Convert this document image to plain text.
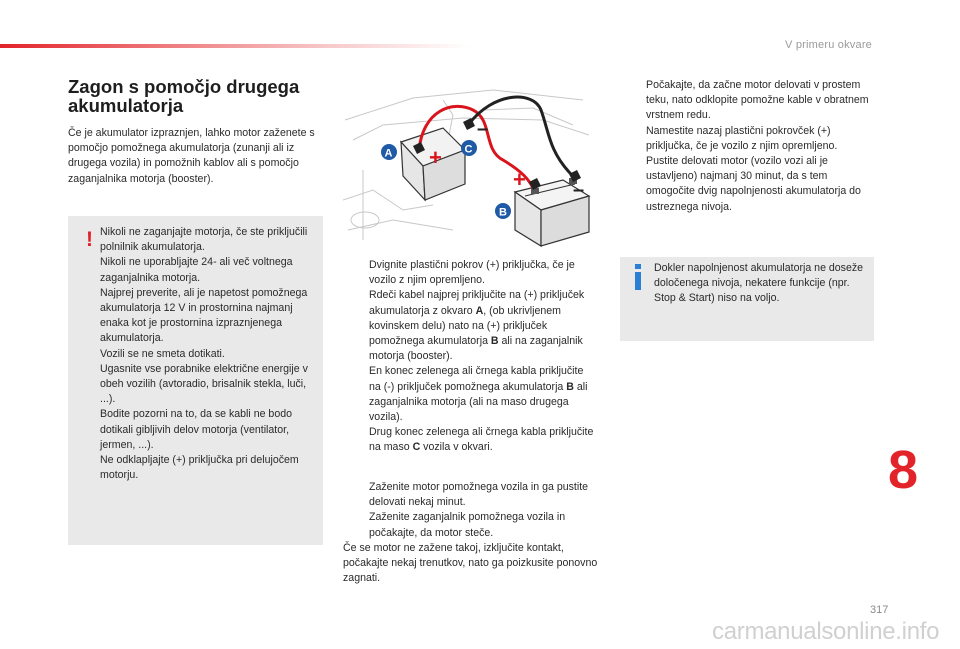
V primeru okvare
Zagon s pomočjo drugega akumulatorja

Če je akumulator izpraznjen, lahko motor zaženete s pomočjo pomožnega akumulatorja (zunanji ali iz drugega vozila) in pomožnih kablov ali s pomočjo zaganjalnika motorja (booster).

! Nikoli ne zaganjajte motorja, če ste priključili polnilnik akumulatorja.
Nikoli ne uporabljajte 24- ali več voltnega zaganjalnika motorja.
Najprej preverite, ali je napetost pomožnega akumulatorja 12 V in prostornina najmanj enaka kot je prostornina izpraznjenega akumulatorja.
Vozili se ne smeta dotikati.
Ugasnite vse porabnike električne energije v obeh vozilih (avtoradio, brisalnik stekla, luči, ...).
Bodite pozorni na to, da se kabli ne bodo dotikali gibljivih delov motorja (ventilator, jermen, ...).
Ne odklapljajte (+) priključka pri delujočem motorju.
+
–
+ –
A	C
B
Dvignite plastični pokrov (+) priključka, če je vozilo z njim opremljeno.
Rdeči kabel najprej priključite na (+) priključek akumulatorja z okvaro A, (ob ukrivljenem kovinskem delu) nato na (+) priključek pomožnega akumulatorja B ali na zaganjalnik motorja (booster).
En konec zelenega ali črnega kabla priključite na (-) priključek pomožnega akumulatorja B ali zaganjalnika motorja (ali na maso drugega vozila).
Drug konec zelenega ali črnega kabla priključite na maso C vozila v okvari.
Zaženite motor pomožnega vozila in ga pustite delovati nekaj minut.
Zaženite zaganjalnik pomožnega vozila in počakajte, da motor steče.
Če se motor ne zažene takoj, izključite kontakt, počakajte nekaj trenutkov, nato ga poizkusite ponovno zagnati.
Počakajte, da začne motor delovati v prostem teku, nato odklopite pomožne kable v obratnem vrstnem redu.
Namestite nazaj plastični pokrovček (+) priključka, če je vozilo z njim opremljeno.
Pustite delovati motor (vozilo vozi ali je ustavljeno) najmanj 30 minut, da s tem omogočite dvig napolnjenosti akumulatorja do ustreznega nivoja.
Dokler napolnjenost akumulatorja ne doseže določenega nivoja, nekatere funkcije (npr. Stop & Start) niso na voljo.
8
317
carmanualsonline.info
